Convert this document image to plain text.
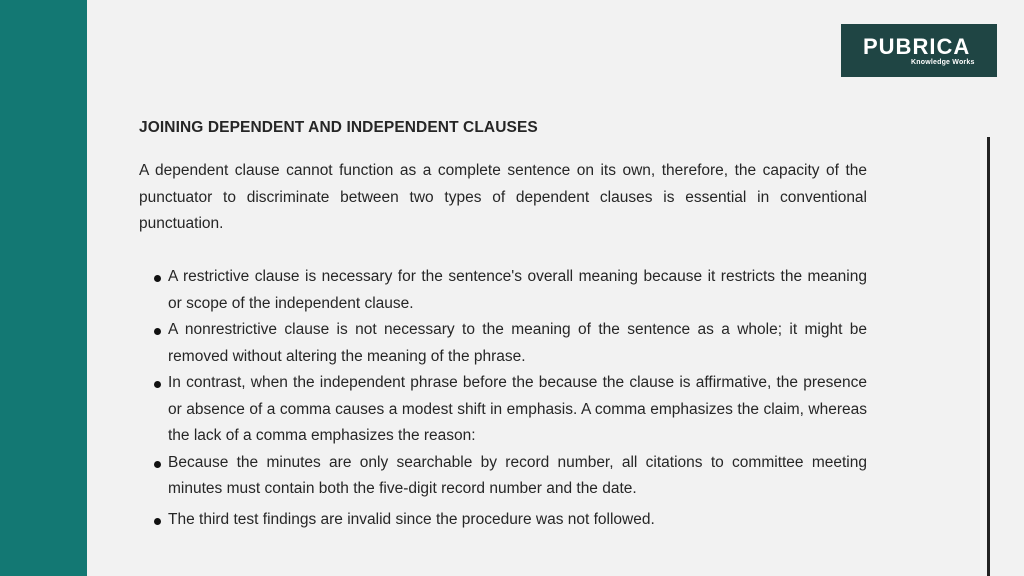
PUBRICA
Knowledge Works
JOINING DEPENDENT AND INDEPENDENT CLAUSES

A dependent clause cannot function as a complete sentence on its own, therefore, the capacity of the punctuator to discriminate between two types of dependent clauses is essential in conventional punctuation.

A restrictive clause is necessary for the sentence's overall meaning because it restricts the meaning or scope of the independent clause.
A nonrestrictive clause is not necessary to the meaning of the sentence as a whole; it might be removed without altering the meaning of the phrase.
In contrast, when the independent phrase before the because the clause is affirmative, the presence or absence of a comma causes a modest shift in emphasis. A comma emphasizes the claim, whereas the lack of a comma emphasizes the reason:
Because the minutes are only searchable by record number, all citations to committee meeting minutes must contain both the five-digit record number and the date.
The third test findings are invalid since the procedure was not followed.
